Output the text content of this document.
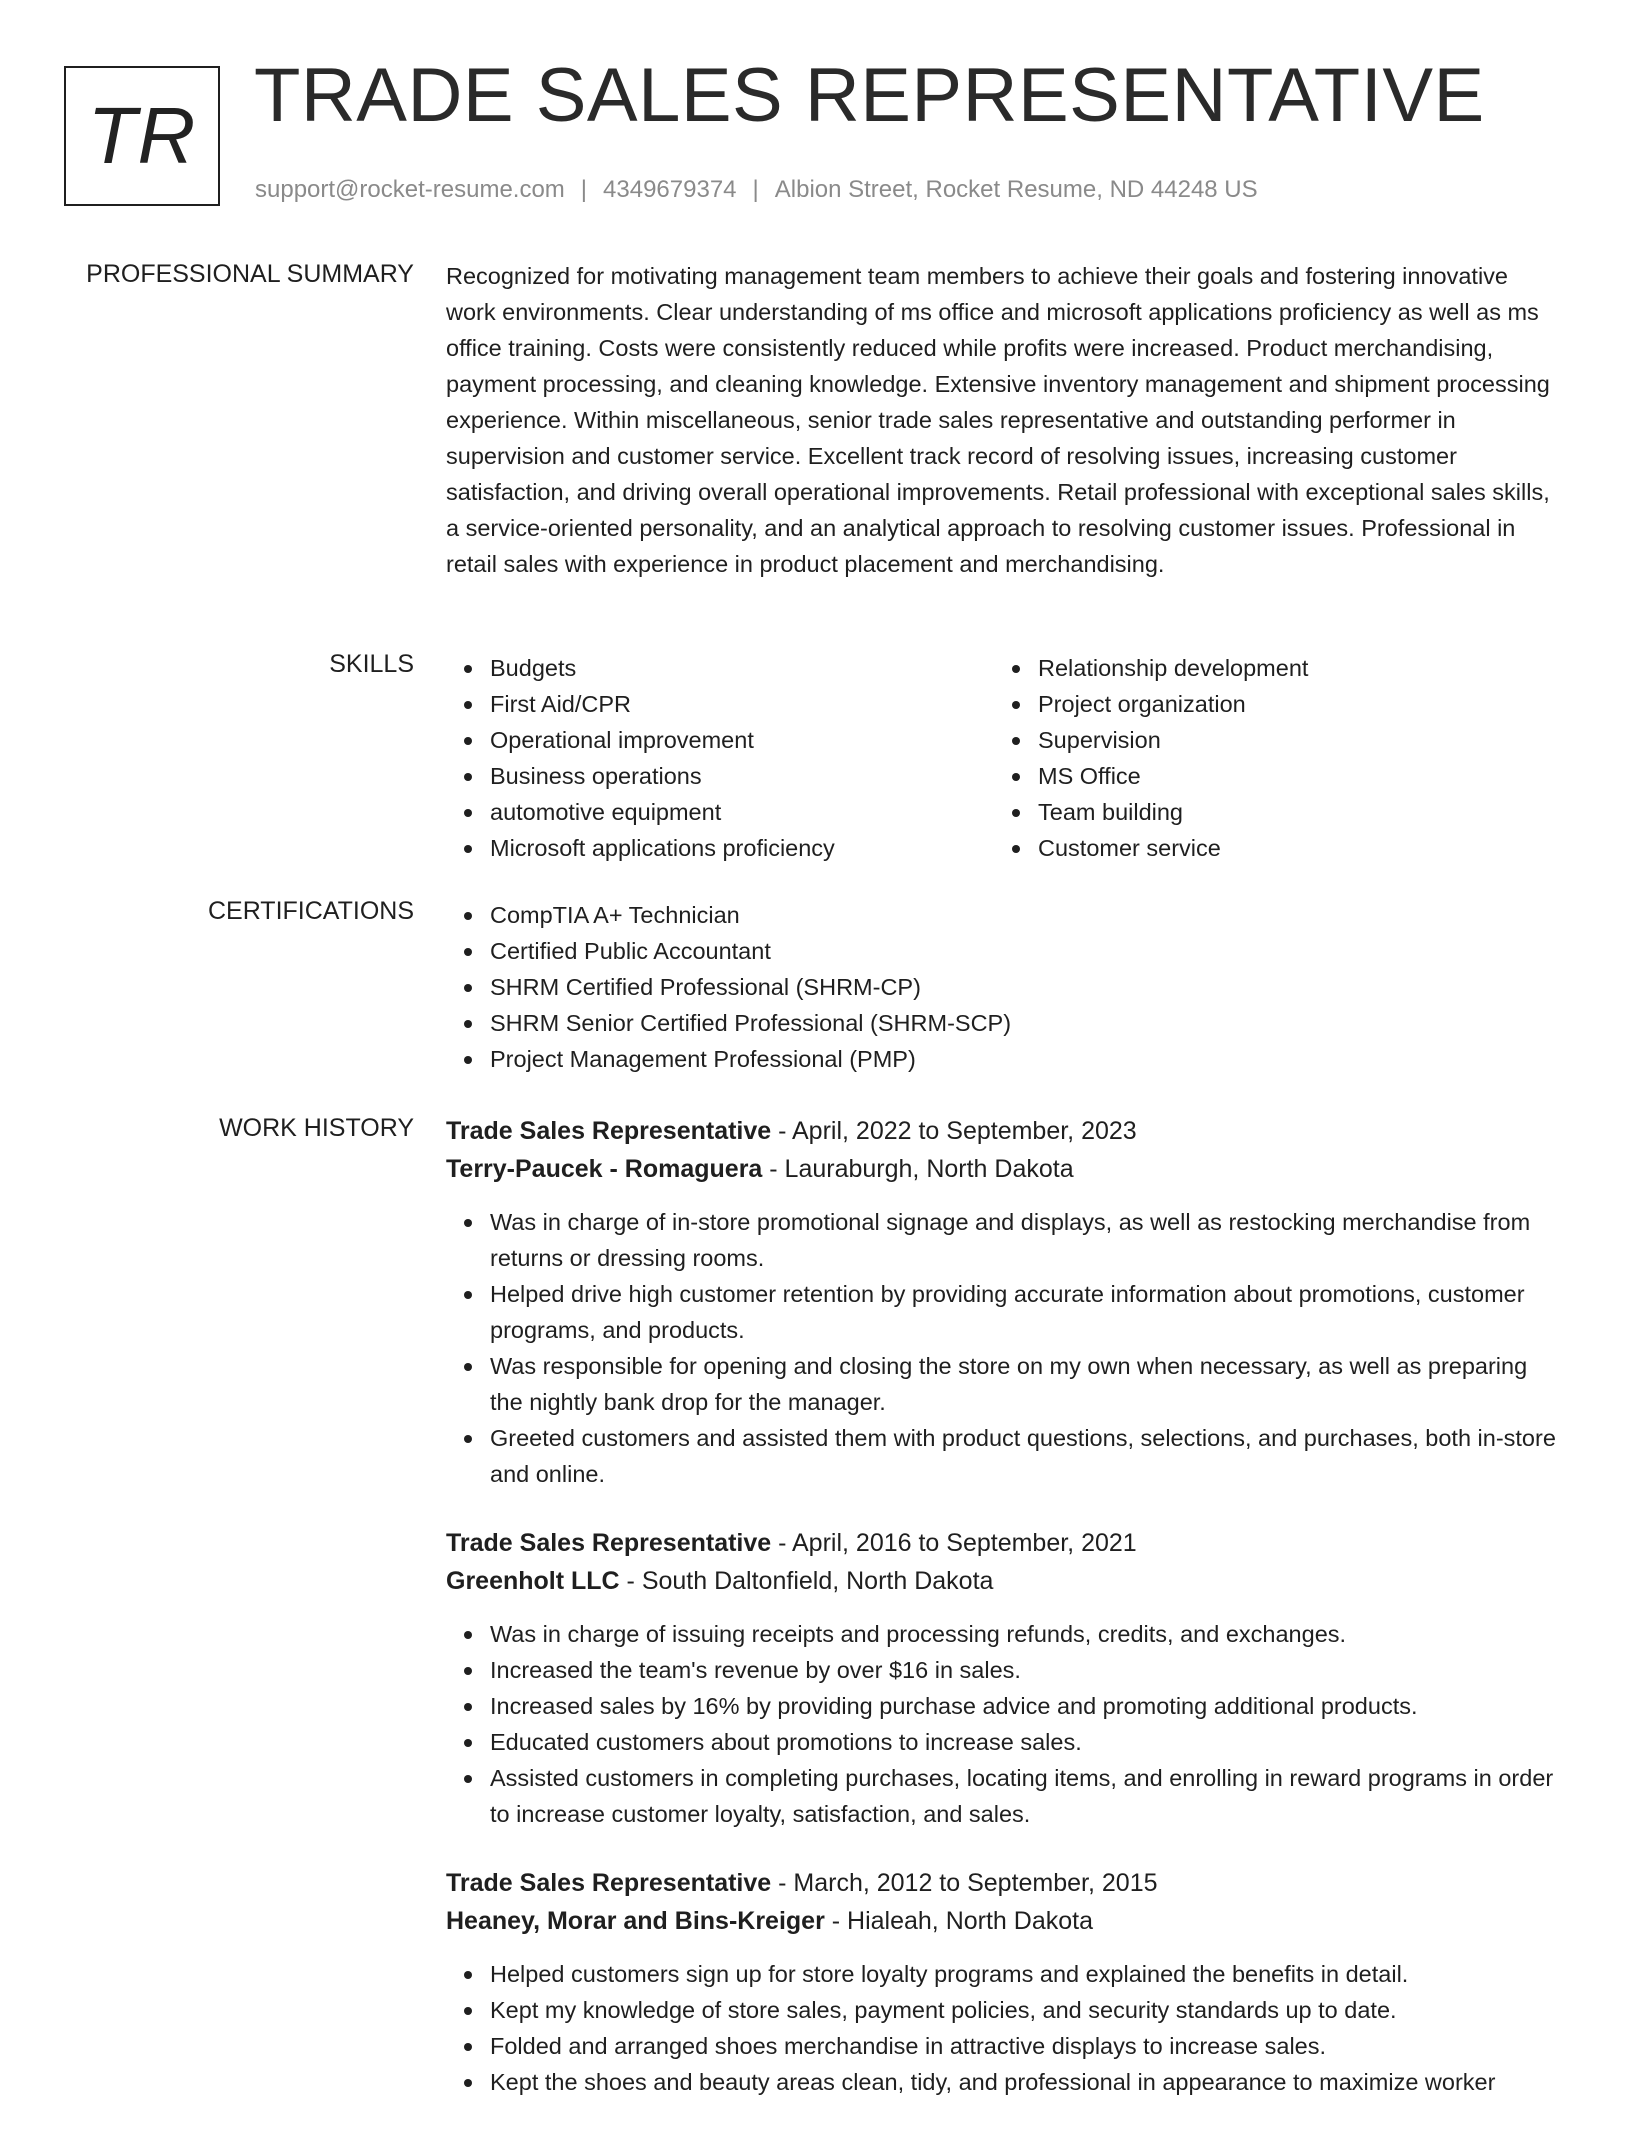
TR TRADE SALES REPRESENTATIVE
support@rocket-resume.com | 4349679374 | Albion Street, Rocket Resume, ND 44248 US
PROFESSIONAL SUMMARY Recognized for motivating management team members to achieve their goals and fostering innovative work environments. Clear understanding of ms office and microsoft applications proficiency as well as ms office training. Costs were consistently reduced while profits were increased. Product merchandising, payment processing, and cleaning knowledge. Extensive inventory management and shipment processing experience. Within miscellaneous, senior trade sales representative and outstanding performer in supervision and customer service. Excellent track record of resolving issues, increasing customer satisfaction, and driving overall operational improvements. Retail professional with exceptional sales skills, a service-oriented personality, and an analytical approach to resolving customer issues. Professional in retail sales with experience in product placement and merchandising.
SKILLS	Budgets
First Aid/CPR
Operational improvement
Business operations
automotive equipment
Microsoft applications proficiency
Relationship development
Project organization
Supervision
MS Office
Team building
Customer service
CERTIFICATIONS	CompTIA A+ Technician
Certified Public Accountant
SHRM Certified Professional (SHRM-CP)
SHRM Senior Certified Professional (SHRM-SCP)
Project Management Professional (PMP)
WORK HISTORY Trade Sales Representative - April, 2022 to September, 2023
Terry-Paucek - Romaguera - Lauraburgh, North Dakota
Was in charge of in-store promotional signage and displays, as well as restocking merchandise from returns or dressing rooms.
Helped drive high customer retention by providing accurate information about promotions, customer programs, and products.
Was responsible for opening and closing the store on my own when necessary, as well as preparing the nightly bank drop for the manager.
Greeted customers and assisted them with product questions, selections, and purchases, both in-store and online.
Trade Sales Representative - April, 2016 to September, 2021
Greenholt LLC - South Daltonfield, North Dakota
Was in charge of issuing receipts and processing refunds, credits, and exchanges.
Increased the team's revenue by over $16 in sales.
Increased sales by 16% by providing purchase advice and promoting additional products.
Educated customers about promotions to increase sales.
Assisted customers in completing purchases, locating items, and enrolling in reward programs in order to increase customer loyalty, satisfaction, and sales.
Trade Sales Representative - March, 2012 to September, 2015
Heaney, Morar and Bins-Kreiger - Hialeah, North Dakota
Helped customers sign up for store loyalty programs and explained the benefits in detail.
Kept my knowledge of store sales, payment policies, and security standards up to date.
Folded and arranged shoes merchandise in attractive displays to increase sales.
Kept the shoes and beauty areas clean, tidy, and professional in appearance to maximize worker
